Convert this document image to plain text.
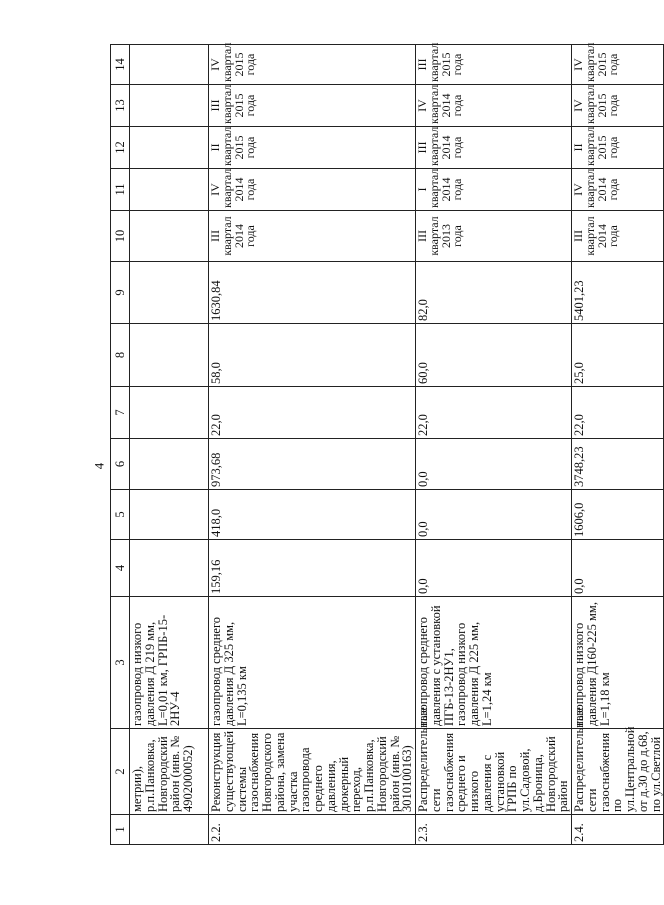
4
1	2	3	4	5	6	7	8	9	10	11	12	13	14
	метрии), р.п.Панковка, Новгородский район (инв. № 4902000052)	газопровод низкого давления Д 219 мм, L=0,01 км, ГРПБ-15-2НУ-4											
2.2.	Реконструкция существующей системы газоснабжения Новгородского района, замена участка газопровода среднего давления, дюкерный переход, р.п.Панковка, Новгородский район (инв. № 3010100163)	газопровод среднего давления Д 325 мм, L=0,135 км	159,16	418,0	973,68	22,0	58,0	1630,84	III квартал 2014 года	IV квартал 2014 года	II квартал 2015 года	III квартал 2015 года	IV квартал 2015 года
2.3.	Распределительные сети газоснабжения среднего и низкого давления с установкой ГРПБ по ул.Садовой, д.Броница, Новгородский район	газопровод среднего давления с установкой ПГБ-13-2НУ1, газопровод низкого давления Д 225 мм, L=1,24 км	0,0	0,0	0,0	22,0	60,0	82,0	III квартал 2013 года	I квартал 2014 года	III квартал 2014 года	IV квартал 2014 года	III квартал 2015 года
2.4.	Распределительные сети газоснабжения по ул.Центральной от д.30 до д.68, по ул.Светлой	газопровод низкого давления Д160-225 мм, L=1,18 км	0,0	1606,0	3748,23	22,0	25,0	5401,23	III квартал 2014 года	IV квартал 2014 года	II квартал 2015 года	IV квартал 2015 года	IV квартал 2015 года
